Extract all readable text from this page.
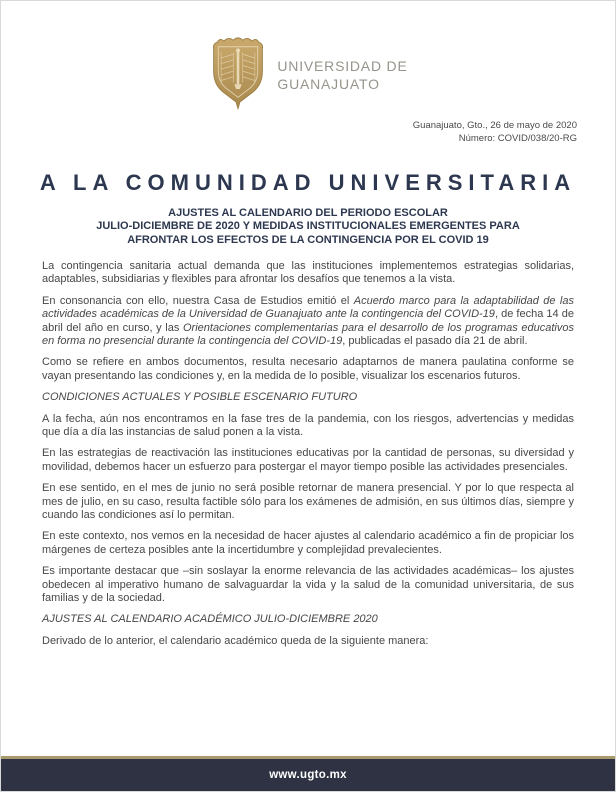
UNIVERSIDAD DE
GUANAJUATO
Guanajuato, Gto., 26 de mayo de 2020
Número: COVID/038/20-RG
A LA COMUNIDAD UNIVERSITARIA
AJUSTES AL CALENDARIO DEL PERIODO ESCOLAR
JULIO-DICIEMBRE DE 2020 Y MEDIDAS INSTITUCIONALES EMERGENTES PARA
AFRONTAR LOS EFECTOS DE LA CONTINGENCIA POR EL COVID 19

La contingencia sanitaria actual demanda que las instituciones implementemos estrategias solidarias, adaptables, subsidiarias y flexibles para afrontar los desafíos que tenemos a la vista.

En consonancia con ello, nuestra Casa de Estudios emitió el Acuerdo marco para la adaptabilidad de las actividades académicas de la Universidad de Guanajuato ante la contingencia del COVID-19, de fecha 14 de abril del año en curso, y las Orientaciones complementarias para el desarrollo de los programas educativos en forma no presencial durante la contingencia del COVID-19, publicadas el pasado día 21 de abril.

Como se refiere en ambos documentos, resulta necesario adaptarnos de manera paulatina conforme se vayan presentando las condiciones y, en la medida de lo posible, visualizar los escenarios futuros.

CONDICIONES ACTUALES Y POSIBLE ESCENARIO FUTURO

A la fecha, aún nos encontramos en la fase tres de la pandemia, con los riesgos, advertencias y medidas que día a día las instancias de salud ponen a la vista.

En las estrategias de reactivación las instituciones educativas por la cantidad de personas, su diversidad y movilidad, debemos hacer un esfuerzo para postergar el mayor tiempo posible las actividades presenciales.

En ese sentido, en el mes de junio no será posible retornar de manera presencial. Y por lo que respecta al mes de julio, en su caso, resulta factible sólo para los exámenes de admisión, en sus últimos días, siempre y cuando las condiciones así lo permitan.

En este contexto, nos vemos en la necesidad de hacer ajustes al calendario académico a fin de propiciar los márgenes de certeza posibles ante la incertidumbre y complejidad prevalecientes.

Es importante destacar que –sin soslayar la enorme relevancia de las actividades académicas– los ajustes obedecen al imperativo humano de salvaguardar la vida y la salud de la comunidad universitaria, de sus familias y de la sociedad.

AJUSTES AL CALENDARIO ACADÉMICO JULIO-DICIEMBRE 2020

Derivado de lo anterior, el calendario académico queda de la siguiente manera:

www.ugto.mx
